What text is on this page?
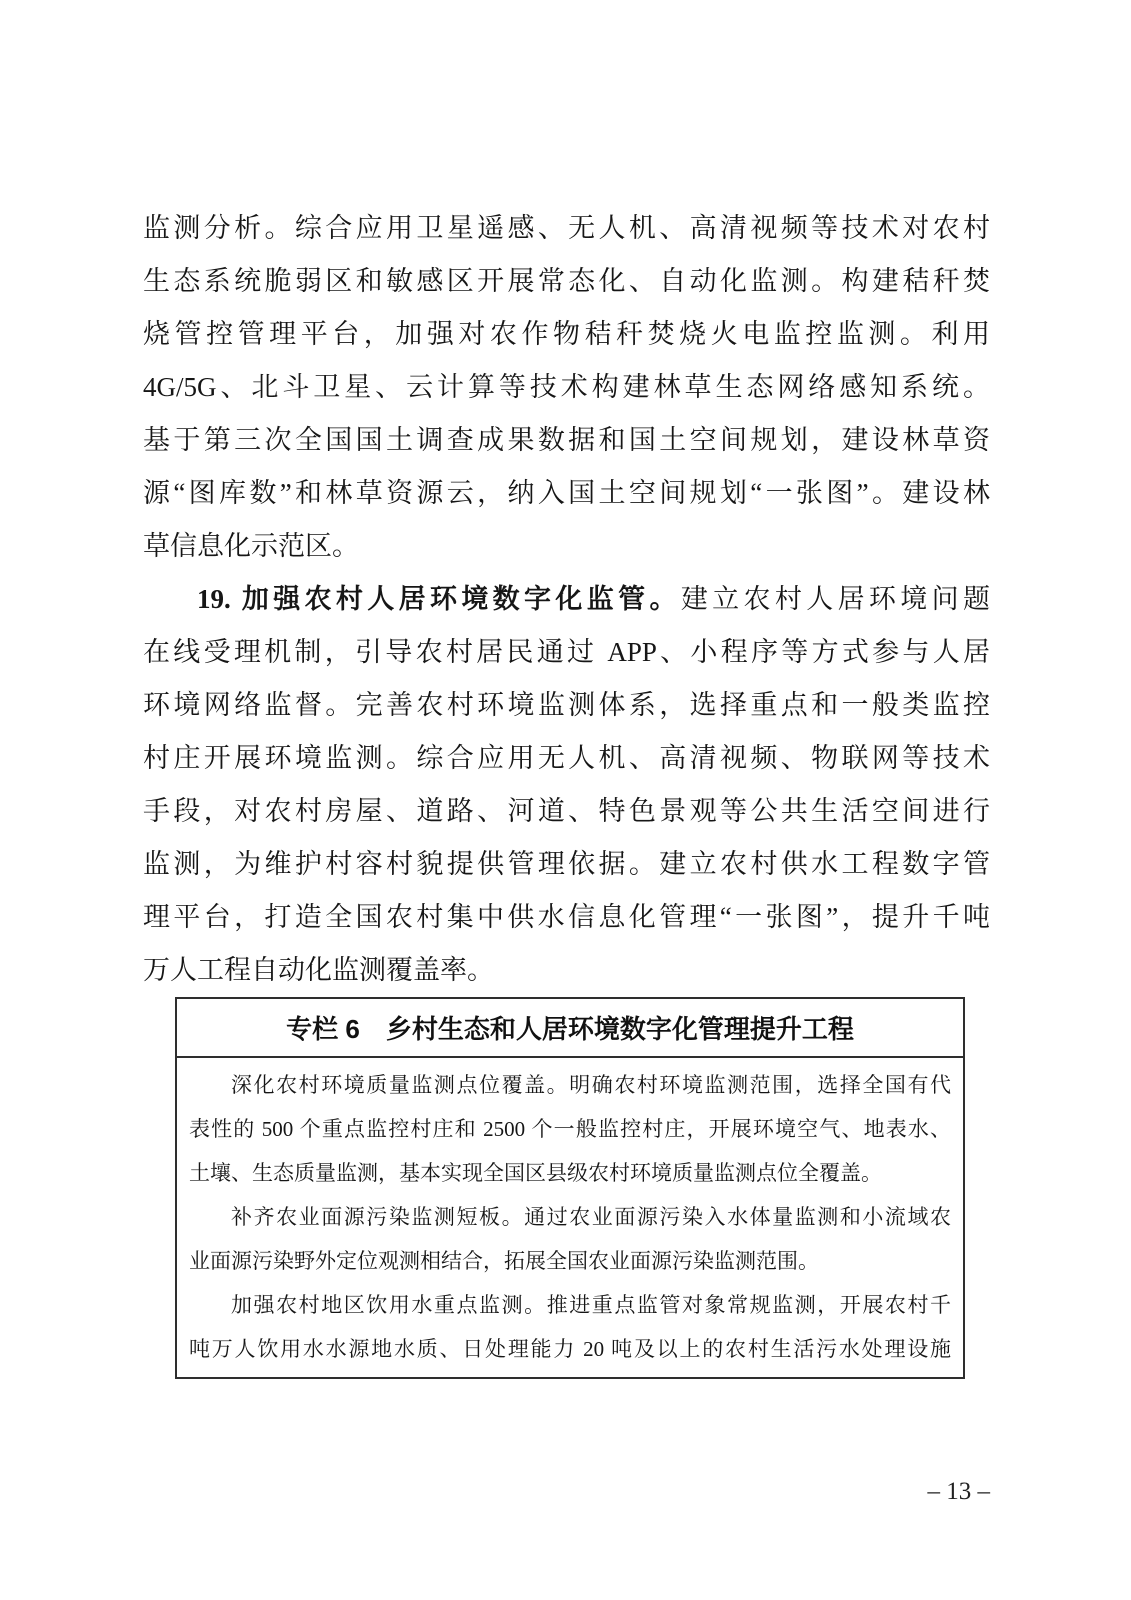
监测分析。综合应用卫星遥感、无人机、高清视频等技术对农村
生态系统脆弱区和敏感区开展常态化、自动化监测。构建秸秆焚
烧管控管理平台，加强对农作物秸秆焚烧火电监控监测。利用
4G/5G、北斗卫星、云计算等技术构建林草生态网络感知系统。
基于第三次全国国土调查成果数据和国土空间规划，建设林草资
源“图库数”和林草资源云，纳入国土空间规划“一张图”。建设林
草信息化示范区。
19. 加强农村人居环境数字化监管。建立农村人居环境问题
在线受理机制，引导农村居民通过 APP、小程序等方式参与人居
环境网络监督。完善农村环境监测体系，选择重点和一般类监控
村庄开展环境监测。综合应用无人机、高清视频、物联网等技术
手段，对农村房屋、道路、河道、特色景观等公共生活空间进行
监测，为维护村容村貌提供管理依据。建立农村供水工程数字管
理平台，打造全国农村集中供水信息化管理“一张图”，提升千吨
万人工程自动化监测覆盖率。
专栏 6　乡村生态和人居环境数字化管理提升工程
深化农村环境质量监测点位覆盖。明确农村环境监测范围，选择全国有代
表性的 500 个重点监控村庄和 2500 个一般监控村庄，开展环境空气、地表水、
土壤、生态质量监测，基本实现全国区县级农村环境质量监测点位全覆盖。
补齐农业面源污染监测短板。通过农业面源污染入水体量监测和小流域农
业面源污染野外定位观测相结合，拓展全国农业面源污染监测范围。
加强农村地区饮用水重点监测。推进重点监管对象常规监测，开展农村千
吨万人饮用水水源地水质、日处理能力 20 吨及以上的农村生活污水处理设施
– 13 –
